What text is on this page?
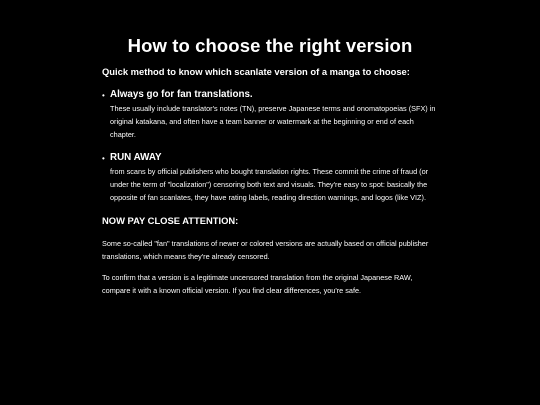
How to choose the right version

Quick method to know which scanlate version of a manga to choose:

• Always go for fan translations.
These usually include translator's notes (TN), preserve Japanese terms and onomatopoeias (SFX) in original katakana, and often have a team banner or watermark at the beginning or end of each chapter.
• RUN AWAY
from scans by official publishers who bought translation rights. These commit the crime of fraud (or under the term of "localization") censoring both text and visuals. They're easy to spot: basically the opposite of fan scanlates, they have rating labels, reading direction warnings, and logos (like VIZ).

NOW PAY CLOSE ATTENTION:

Some so-called "fan" translations of newer or colored versions are actually based on official publisher translations, which means they're already censored.

To confirm that a version is a legitimate uncensored translation from the original Japanese RAW, compare it with a known official version. If you find clear differences, you're safe.
